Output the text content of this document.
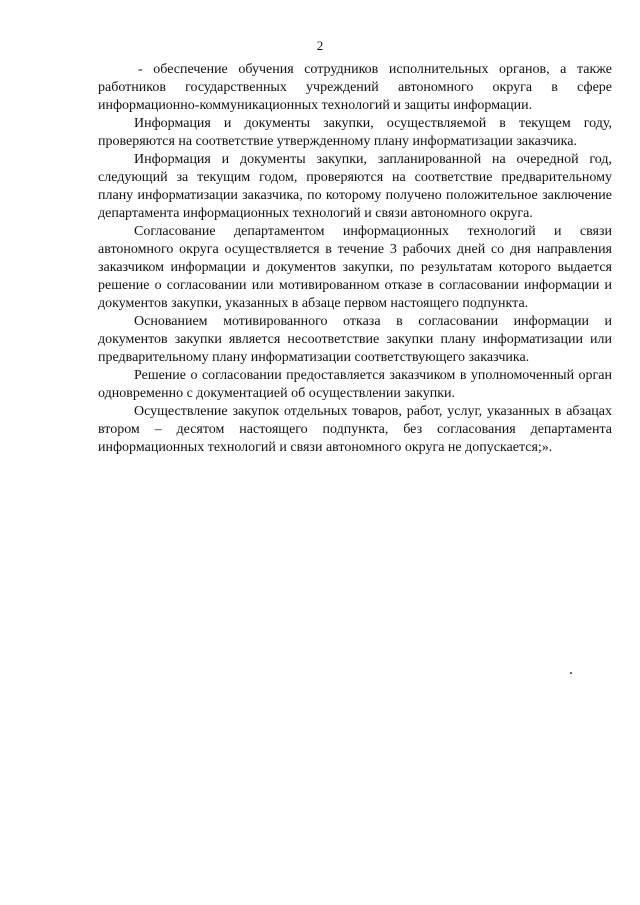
2

- обеспечение обучения сотрудников исполнительных органов, а также работников государственных учреждений автономного округа в сфере информационно-коммуникационных технологий и защиты информации.

Информация и документы закупки, осуществляемой в текущем году, проверяются на соответствие утвержденному плану информатизации заказчика.

Информация и документы закупки, запланированной на очередной год, следующий за текущим годом, проверяются на соответствие предварительному плану информатизации заказчика, по которому получено положительное заключение департамента информационных технологий и связи автономного округа.

Согласование департаментом информационных технологий и связи автономного округа осуществляется в течение 3 рабочих дней со дня направления заказчиком информации и документов закупки, по результатам которого выдается решение о согласовании или мотивированном отказе в согласовании информации и документов закупки, указанных в абзаце первом настоящего подпункта.

Основанием мотивированного отказа в согласовании информации и документов закупки является несоответствие закупки плану информатизации или предварительному плану информатизации соответствующего заказчика.

Решение о согласовании предоставляется заказчиком в уполномоченный орган одновременно с документацией об осуществлении закупки.

Осуществление закупок отдельных товаров, работ, услуг, указанных в абзацах втором – десятом настоящего подпункта, без согласования департамента информационных технологий и связи автономного округа не допускается;».
